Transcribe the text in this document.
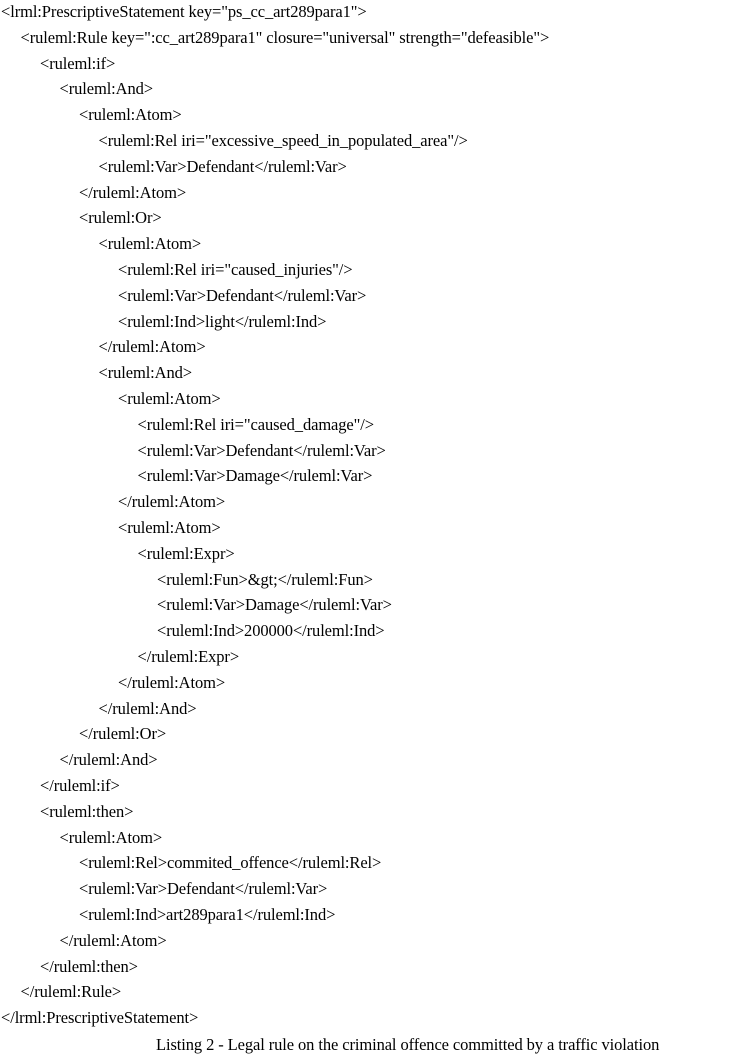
<lrml:PrescriptiveStatement key="ps_cc_art289para1">
<ruleml:Rule key=":cc_art289para1" closure="universal" strength="defeasible">
<ruleml:if>
<ruleml:And>
<ruleml:Atom>
<ruleml:Rel iri="excessive_speed_in_populated_area"/>
<ruleml:Var>Defendant</ruleml:Var>
</ruleml:Atom>
<ruleml:Or>
<ruleml:Atom>
<ruleml:Rel iri="caused_injuries"/>
<ruleml:Var>Defendant</ruleml:Var>
<ruleml:Ind>light</ruleml:Ind>
</ruleml:Atom>
<ruleml:And>
<ruleml:Atom>
<ruleml:Rel iri="caused_damage"/>
<ruleml:Var>Defendant</ruleml:Var>
<ruleml:Var>Damage</ruleml:Var>
</ruleml:Atom>
<ruleml:Atom>
<ruleml:Expr>
<ruleml:Fun>&gt;</ruleml:Fun>
<ruleml:Var>Damage</ruleml:Var>
<ruleml:Ind>200000</ruleml:Ind>
</ruleml:Expr>
</ruleml:Atom>
</ruleml:And>
</ruleml:Or>
</ruleml:And>
</ruleml:if>
<ruleml:then>
<ruleml:Atom>
<ruleml:Rel>commited_offence</ruleml:Rel>
<ruleml:Var>Defendant</ruleml:Var>
<ruleml:Ind>art289para1</ruleml:Ind>
</ruleml:Atom>
</ruleml:then>
</ruleml:Rule>
</lrml:PrescriptiveStatement>
Listing 2 - Legal rule on the criminal offence committed by a traffic violation
